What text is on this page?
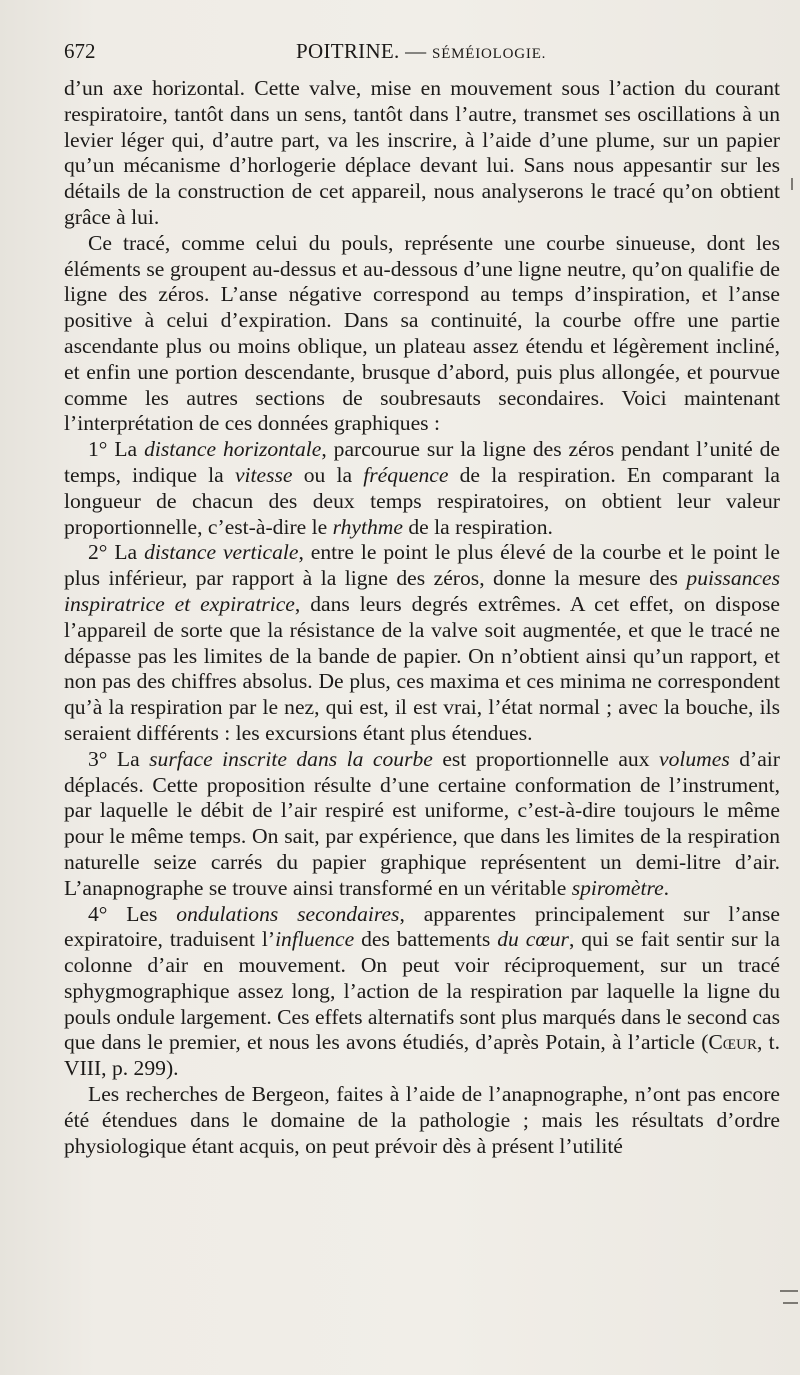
672	POITRINE. — SÉMÉIOLOGIE.

d’un axe horizontal. Cette valve, mise en mouvement sous l’action du courant respiratoire, tantôt dans un sens, tantôt dans l’autre, transmet ses oscillations à un levier léger qui, d’autre part, va les inscrire, à l’aide d’une plume, sur un papier qu’un mécanisme d’horlogerie déplace devant lui. Sans nous appesantir sur les détails de la construction de cet appareil, nous analyserons le tracé qu’on obtient grâce à lui.

Ce tracé, comme celui du pouls, représente une courbe sinueuse, dont les éléments se groupent au-dessus et au-dessous d’une ligne neutre, qu’on qualifie de ligne des zéros. L’anse négative correspond au temps d’inspiration, et l’anse positive à celui d’expiration. Dans sa continuité, la courbe offre une partie ascendante plus ou moins oblique, un plateau assez étendu et légèrement incliné, et enfin une portion descendante, brusque d’abord, puis plus allongée, et pourvue comme les autres sections de soubresauts secondaires. Voici maintenant l’interprétation de ces données graphiques :

1° La distance horizontale, parcourue sur la ligne des zéros pendant l’unité de temps, indique la vitesse ou la fréquence de la respiration. En comparant la longueur de chacun des deux temps respiratoires, on obtient leur valeur proportionnelle, c’est-à-dire le rhythme de la respiration.

2° La distance verticale, entre le point le plus élevé de la courbe et le point le plus inférieur, par rapport à la ligne des zéros, donne la mesure des puissances inspiratrice et expiratrice, dans leurs degrés extrêmes. A cet effet, on dispose l’appareil de sorte que la résistance de la valve soit augmentée, et que le tracé ne dépasse pas les limites de la bande de papier. On n’obtient ainsi qu’un rapport, et non pas des chiffres absolus. De plus, ces maxima et ces minima ne correspondent qu’à la respiration par le nez, qui est, il est vrai, l’état normal ; avec la bouche, ils seraient différents : les excursions étant plus étendues.

3° La surface inscrite dans la courbe est proportionnelle aux volumes d’air déplacés. Cette proposition résulte d’une certaine conformation de l’instrument, par laquelle le débit de l’air respiré est uniforme, c’est-à-dire toujours le même pour le même temps. On sait, par expérience, que dans les limites de la respiration naturelle seize carrés du papier graphique représentent un demi-litre d’air. L’anapnographe se trouve ainsi transformé en un véritable spiromètre.

4° Les ondulations secondaires, apparentes principalement sur l’anse expiratoire, traduisent l’influence des battements du cœur, qui se fait sentir sur la colonne d’air en mouvement. On peut voir réciproquement, sur un tracé sphygmographique assez long, l’action de la respiration par laquelle la ligne du pouls ondule largement. Ces effets alternatifs sont plus marqués dans le second cas que dans le premier, et nous les avons étudiés, d’après Potain, à l’article (Cœur, t. VIII, p. 299).

Les recherches de Bergeon, faites à l’aide de l’anapnographe, n’ont pas encore été étendues dans le domaine de la pathologie ; mais les résultats d’ordre physiologique étant acquis, on peut prévoir dès à présent l’utilité
